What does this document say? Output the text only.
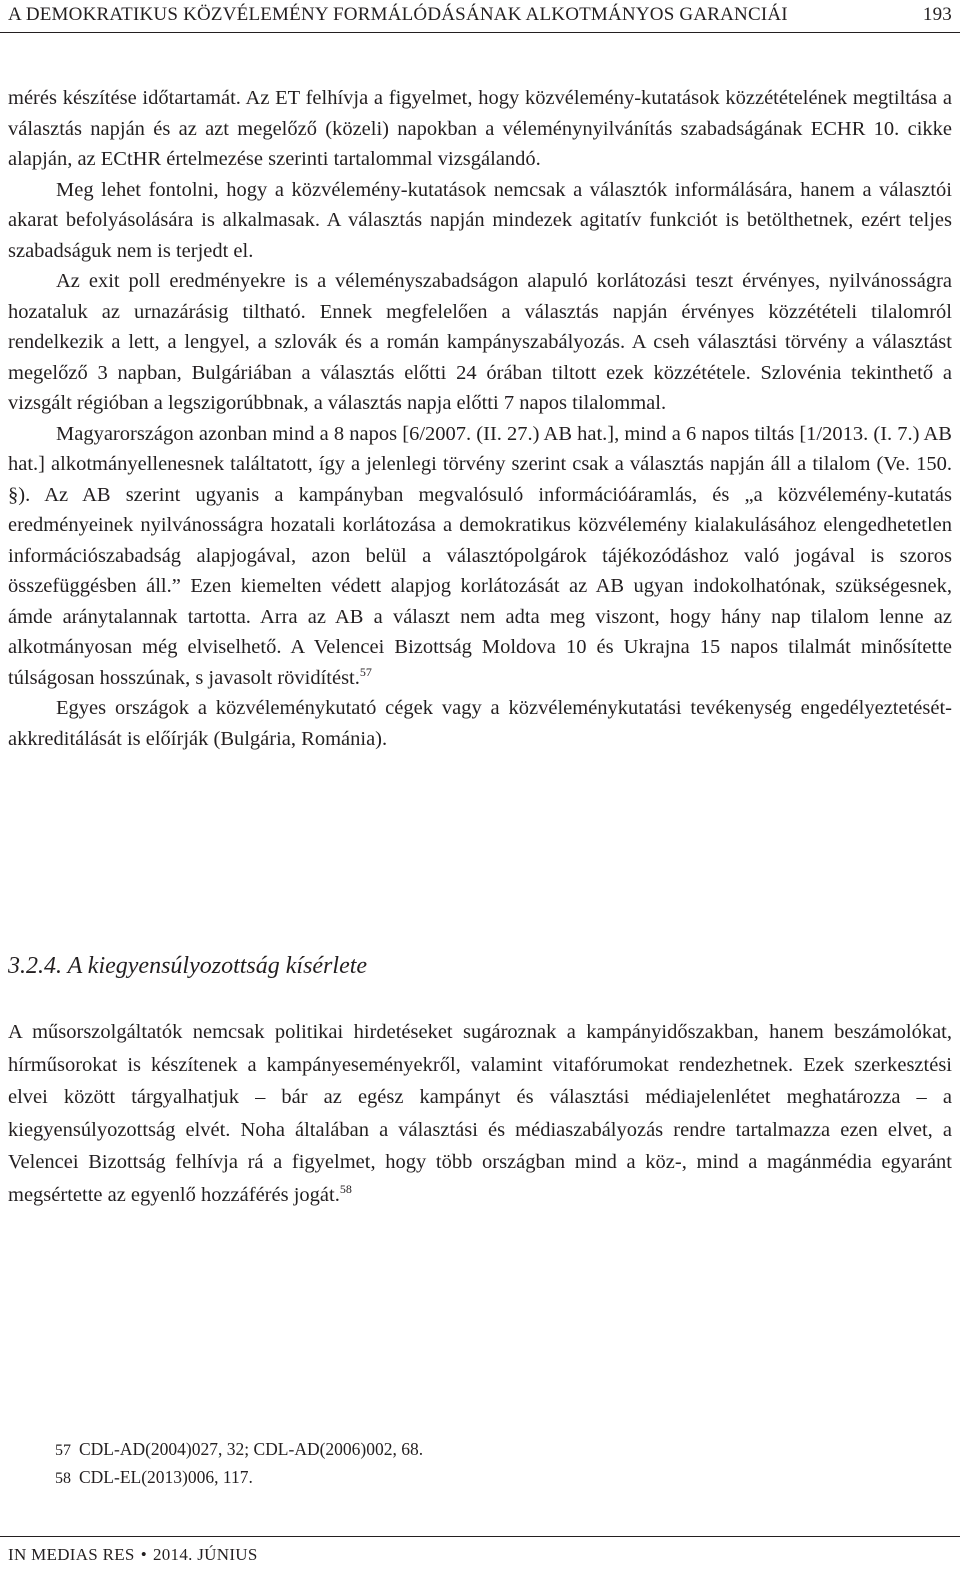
A DEMOKRATIKUS KÖZVÉLEMÉNY FORMÁLÓDÁSÁNAK ALKOTMÁNYOS GARANCIÁI	193

mérés készítése időtartamát. Az ET felhívja a figyelmet, hogy közvélemény-kutatások közzétételének megtiltása a választás napján és az azt megelőző (közeli) napokban a véleménynyilvánítás szabadságának ECHR 10. cikke alapján, az ECtHR értelmezése szerinti tartalommal vizsgálandó.

Meg lehet fontolni, hogy a közvélemény-kutatások nemcsak a választók informálására, hanem a választói akarat befolyásolására is alkalmasak. A választás napján mindezek agitatív funkciót is betölthetnek, ezért teljes szabadságuk nem is terjedt el.

Az exit poll eredményekre is a véleményszabadságon alapuló korlátozási teszt érvényes, nyilvánosságra hozataluk az urnazárásig tiltható. Ennek megfelelően a választás napján érvényes közzétételi tilalomról rendelkezik a lett, a lengyel, a szlovák és a román kampányszabályozás. A cseh választási törvény a választást megelőző 3 napban, Bulgáriában a választás előtti 24 órában tiltott ezek közzététele. Szlovénia tekinthető a vizsgált régióban a legszigorúbbnak, a választás napja előtti 7 napos tilalommal.

Magyarországon azonban mind a 8 napos [6/2007. (II. 27.) AB hat.], mind a 6 napos tiltás [1/2013. (I. 7.) AB hat.] alkotmányellenesnek találtatott, így a jelenlegi törvény szerint csak a választás napján áll a tilalom (Ve. 150. §). Az AB szerint ugyanis a kampányban megvalósuló információáramlás, és „a közvélemény-kutatás eredményeinek nyilvánosságra hozatali korlátozása a demokratikus közvélemény kialakulásához elengedhetetlen információszabadság alapjogával, azon belül a választópolgárok tájékozódáshoz való jogával is szoros összefüggésben áll.” Ezen kiemelten védett alapjog korlátozását az AB ugyan indokolhatónak, szükségesnek, ámde aránytalannak tartotta. Arra az AB a választ nem adta meg viszont, hogy hány nap tilalom lenne az alkotmányosan még elviselhető. A Velencei Bizottság Moldova 10 és Ukrajna 15 napos tilalmát minősítette túlságosan hosszúnak, s javasolt rövidítést.$^{57}$

Egyes országok a közvéleménykutató cégek vagy a közvéleménykutatási tevékenység engedélyeztetését-akkreditálását is előírják (Bulgária, Románia).

3.2.4. A kiegyensúlyozottság kísérlete
A műsorszolgáltatók nemcsak politikai hirdetéseket sugároznak a kampányidőszakban, hanem beszámolókat, hírműsorokat is készítenek a kampányeseményekről, valamint vitafórumokat rendezhetnek. Ezek szerkesztési elvei között tárgyalhatjuk – bár az egész kampányt és választási médiajelenlétet meghatározza – a kiegyensúlyozottság elvét. Noha általában a választási és médiaszabályozás rendre tartalmazza ezen elvet, a Velencei Bizottság felhívja rá a figyelmet, hogy több országban mind a köz-, mind a magánmédia egyaránt megsértette az egyenlő hozzáférés jogát.$^{58}$
57 CDL-AD(2004)027, 32; CDL-AD(2006)002, 68.
58 CDL-EL(2013)006, 117.
IN MEDIAS RES • 2014. JÚNIUS
